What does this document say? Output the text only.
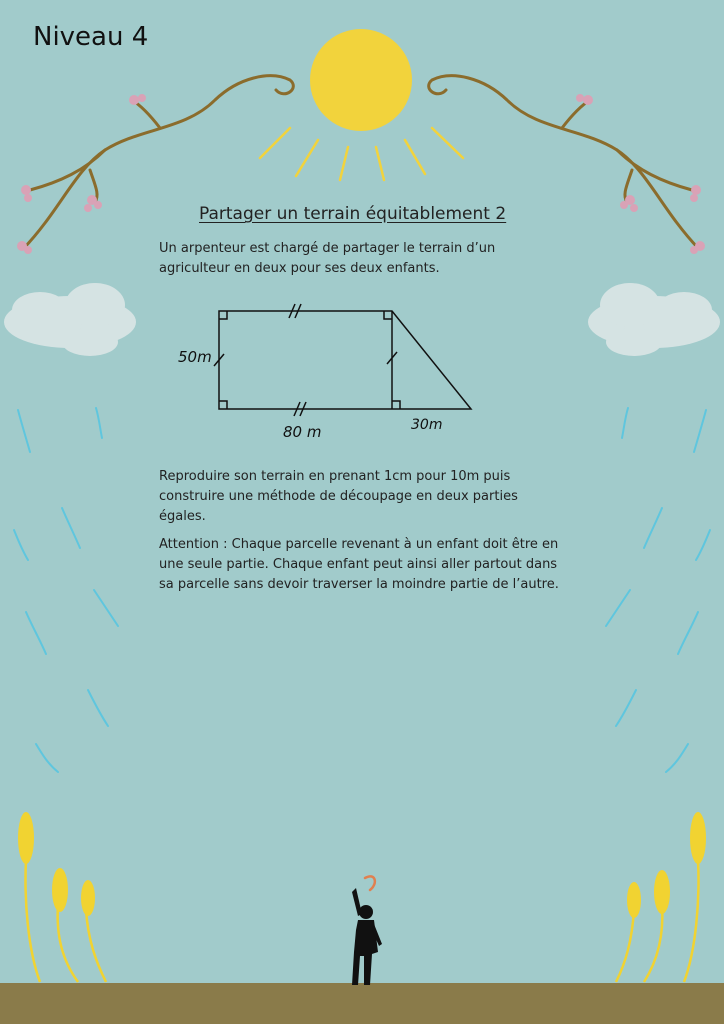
50m
80 m	30m
Niveau 4
Partager un terrain équitablement 2

Un arpenteur est chargé de partager le terrain d’un agriculteur en deux pour ses deux enfants.

Reproduire son terrain en prenant 1cm pour 10m puis construire une méthode de découpage en deux parties égales.

Attention : Chaque parcelle revenant à un enfant doit être en une seule partie. Chaque enfant peut ainsi aller partout dans sa parcelle sans devoir traverser la moindre partie de l’autre.
